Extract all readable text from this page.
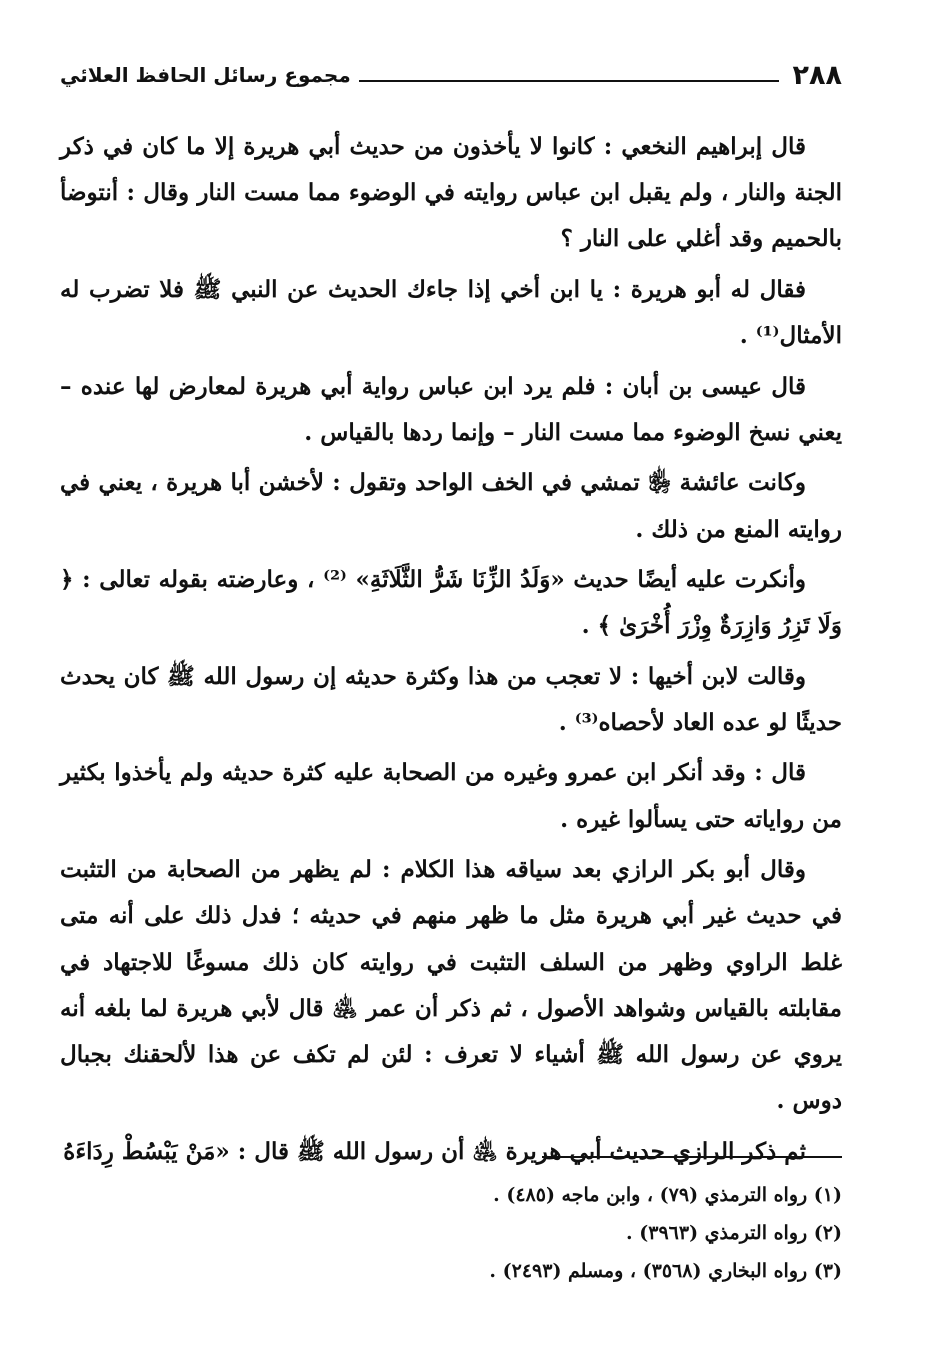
٢٨٨
مجموع رسائل الحافظ العلائي

قال إبراهيم النخعي : كانوا لا يأخذون من حديث أبي هريرة إلا ما كان في ذكر الجنة والنار ، ولم يقبل ابن عباس روايته في الوضوء مما مست النار وقال : أنتوضأ بالحميم وقد أغلي على النار ؟

فقال له أبو هريرة : يا ابن أخي إذا جاءك الحديث عن النبي ﷺ فلا تضرب له الأمثال⁽¹⁾ .

قال عيسى بن أبان : فلم يرد ابن عباس رواية أبي هريرة لمعارض لها عنده – يعني نسخ الوضوء مما مست النار – وإنما ردها بالقياس .

وكانت عائشة ﵂ تمشي في الخف الواحد وتقول : لأخشن أبا هريرة ، يعني في روايته المنع من ذلك .

وأنكرت عليه أيضًا حديث «وَلَدُ الزِّنَا شَرُّ الثَّلَاثَةِ» ⁽²⁾ ، وعارضته بقوله تعالى : ﴿ وَلَا تَزِرُ وَازِرَةٌ وِزْرَ أُخْرَىٰ ﴾ .

وقالت لابن أخيها : لا تعجب من هذا وكثرة حديثه إن رسول الله ﷺ كان يحدث حديثًا لو عده العاد لأحصاه⁽³⁾ .

قال : وقد أنكر ابن عمرو وغيره من الصحابة عليه كثرة حديثه ولم يأخذوا بكثير من رواياته حتى يسألوا غيره .

وقال أبو بكر الرازي بعد سياقه هذا الكلام : لم يظهر من الصحابة من التثبت في حديث غير أبي هريرة مثل ما ظهر منهم في حديثه ؛ فدل ذلك على أنه متى غلط الراوي وظهر من السلف التثبت في روايته كان ذلك مسوغًا للاجتهاد في مقابلته بالقياس وشواهد الأصول ، ثم ذكر أن عمر ﵁ قال لأبي هريرة لما بلغه أنه يروي عن رسول الله ﷺ أشياء لا تعرف : لئن لم تكف عن هذا لألحقنك بجبال دوس .

ثم ذكر الرازي حديث أبي هريرة ﵁ أن رسول الله ﷺ قال : «مَنْ يَبْسُطْ رِدَاءَهُ

(١) رواه الترمذي (٧٩) ، وابن ماجه (٤٨٥) .

(٢) رواه الترمذي (٣٩٦٣) .

(٣) رواه البخاري (٣٥٦٨) ، ومسلم (٢٤٩٣) .
